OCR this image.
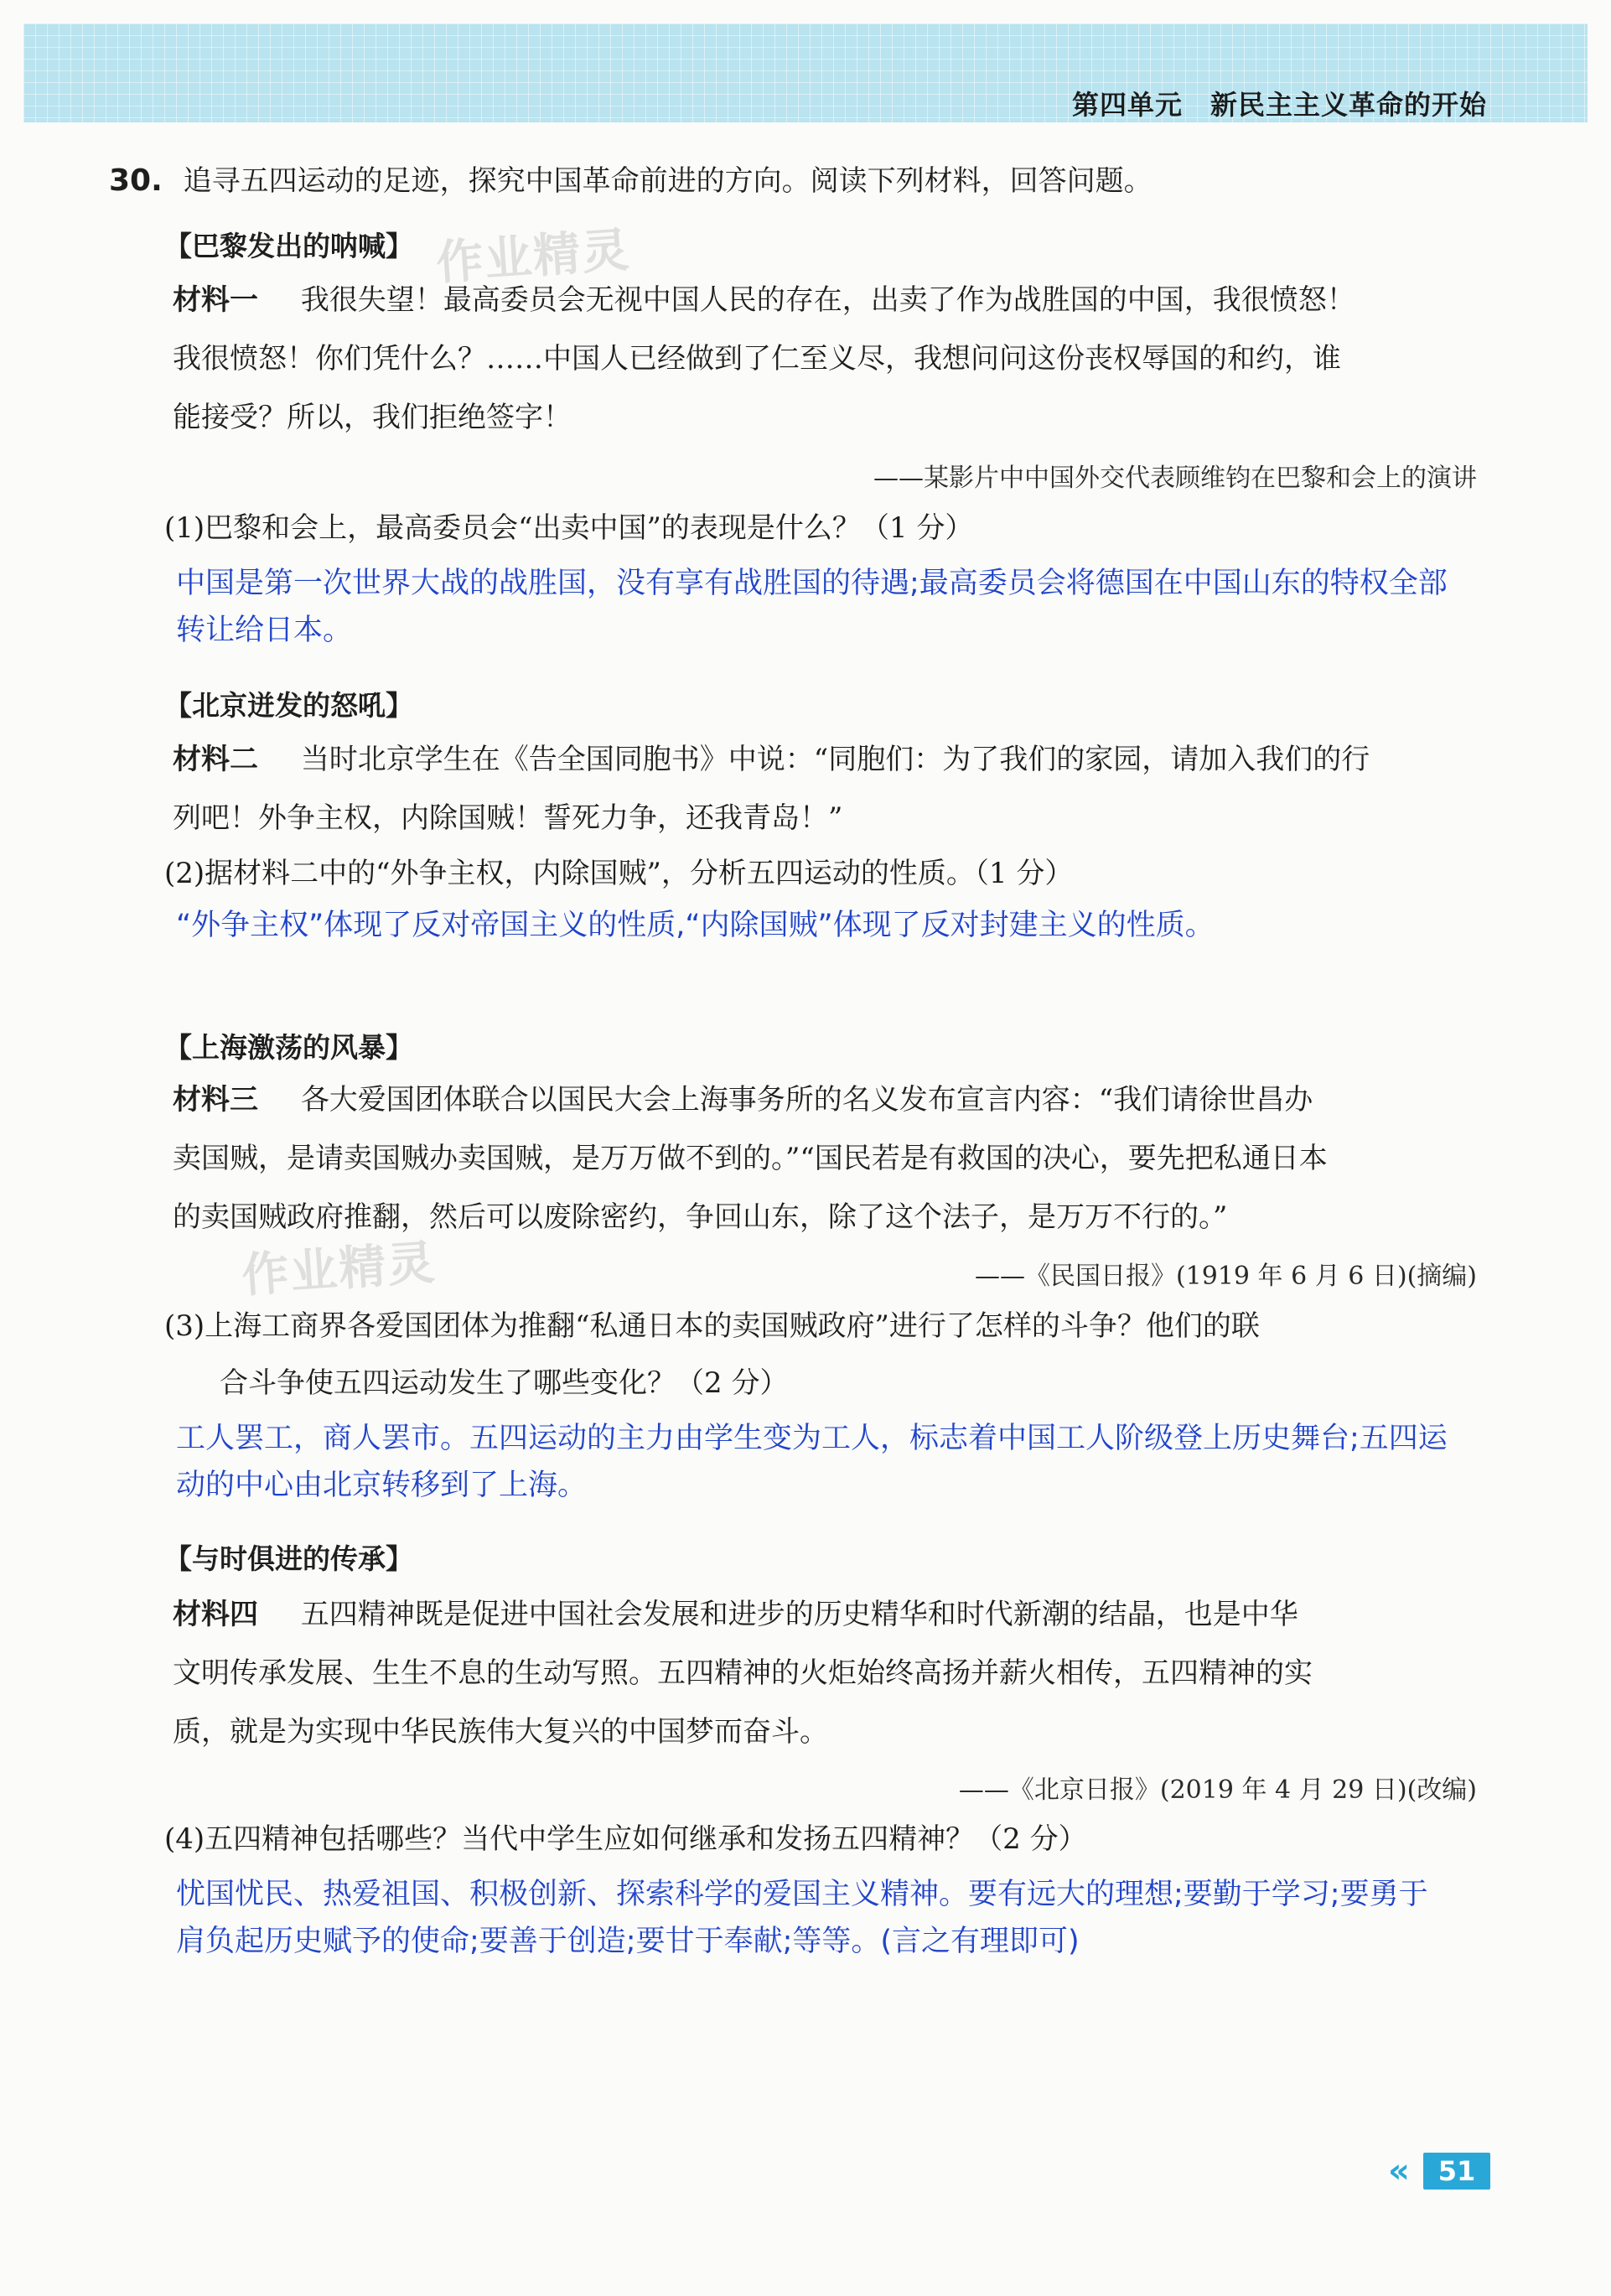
第四单元　新民主主义革命的开始
作业精灵
作业精灵
30. 追寻五四运动的足迹，探究中国革命前进的方向。阅读下列材料，回答问题。
【巴黎发出的呐喊】
材料一 我很失望！最高委员会无视中国人民的存在，出卖了作为战胜国的中国，我很愤怒！
我很愤怒！你们凭什么？……中国人已经做到了仁至义尽，我想问问这份丧权辱国的和约，谁
能接受？所以，我们拒绝签字！
——某影片中中国外交代表顾维钧在巴黎和会上的演讲
(1)巴黎和会上，最高委员会“出卖中国”的表现是什么？（1 分）
中国是第一次世界大战的战胜国，没有享有战胜国的待遇;最高委员会将德国在中国山东的特权全部
转让给日本。
【北京迸发的怒吼】
材料二 当时北京学生在《告全国同胞书》中说：“同胞们：为了我们的家园，请加入我们的行
列吧！外争主权，内除国贼！誓死力争，还我青岛！”
(2)据材料二中的“外争主权，内除国贼”，分析五四运动的性质。（1 分）
“外争主权”体现了反对帝国主义的性质,“内除国贼”体现了反对封建主义的性质。
【上海激荡的风暴】
材料三 各大爱国团体联合以国民大会上海事务所的名义发布宣言内容：“我们请徐世昌办
卖国贼，是请卖国贼办卖国贼，是万万做不到的。”“国民若是有救国的决心，要先把私通日本
的卖国贼政府推翻，然后可以废除密约，争回山东，除了这个法子，是万万不行的。”
——《民国日报》(1919 年 6 月 6 日)(摘编)
(3)上海工商界各爱国团体为推翻“私通日本的卖国贼政府”进行了怎样的斗争？他们的联
合斗争使五四运动发生了哪些变化？（2 分）
工人罢工，商人罢市。五四运动的主力由学生变为工人，标志着中国工人阶级登上历史舞台;五四运
动的中心由北京转移到了上海。
【与时俱进的传承】
材料四 五四精神既是促进中国社会发展和进步的历史精华和时代新潮的结晶，也是中华
文明传承发展、生生不息的生动写照。五四精神的火炬始终高扬并薪火相传，五四精神的实
质，就是为实现中华民族伟大复兴的中国梦而奋斗。
——《北京日报》(2019 年 4 月 29 日)(改编)
(4)五四精神包括哪些？当代中学生应如何继承和发扬五四精神？（2 分）
忧国忧民、热爱祖国、积极创新、探索科学的爱国主义精神。要有远大的理想;要勤于学习;要勇于
肩负起历史赋予的使命;要善于创造;要甘于奉献;等等。(言之有理即可)
«	51
